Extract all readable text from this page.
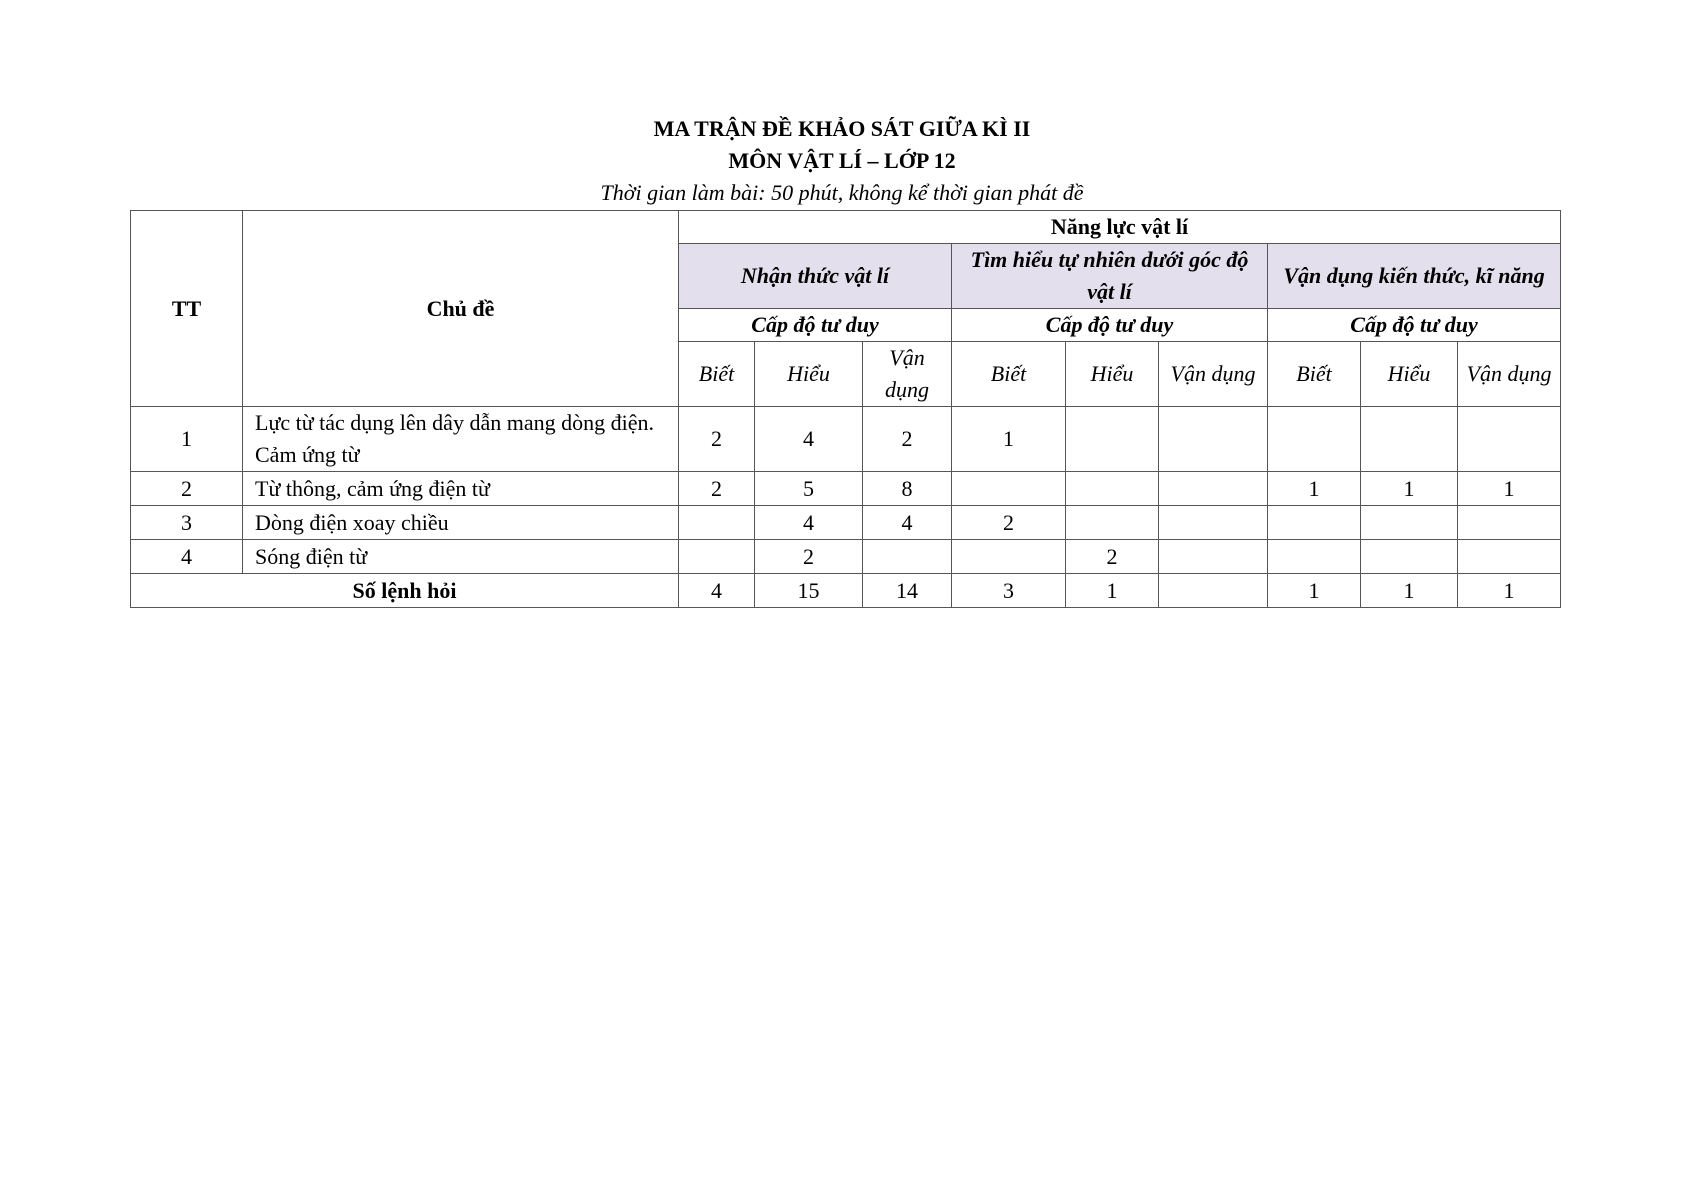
MA TRẬN ĐỀ KHẢO SÁT GIỮA KÌ II
MÔN VẬT LÍ – LỚP 12
Thời gian làm bài: 50 phút, không kể thời gian phát đề
TT	Chủ đề	Năng lực vật lí								
		Nhận thức vật lí			Tìm hiểu tự nhiên dưới góc độ vật lí			Vận dụng kiến thức, kĩ năng		
		Cấp độ tư duy			Cấp độ tư duy			Cấp độ tư duy		
		Biết	Hiểu	Vận dụng	Biết	Hiểu	Vận dụng	Biết	Hiểu	Vận dụng
1	Lực từ tác dụng lên dây dẫn mang dòng điện. Cảm ứng từ	2	4	2	1					
2	Từ thông, cảm ứng điện từ	2	5	8				1	1	1
3	Dòng điện xoay chiều		4	4	2					
4	Sóng điện từ		2			2				
Số lệnh hỏi		4	15	14	3	1		1	1	1
